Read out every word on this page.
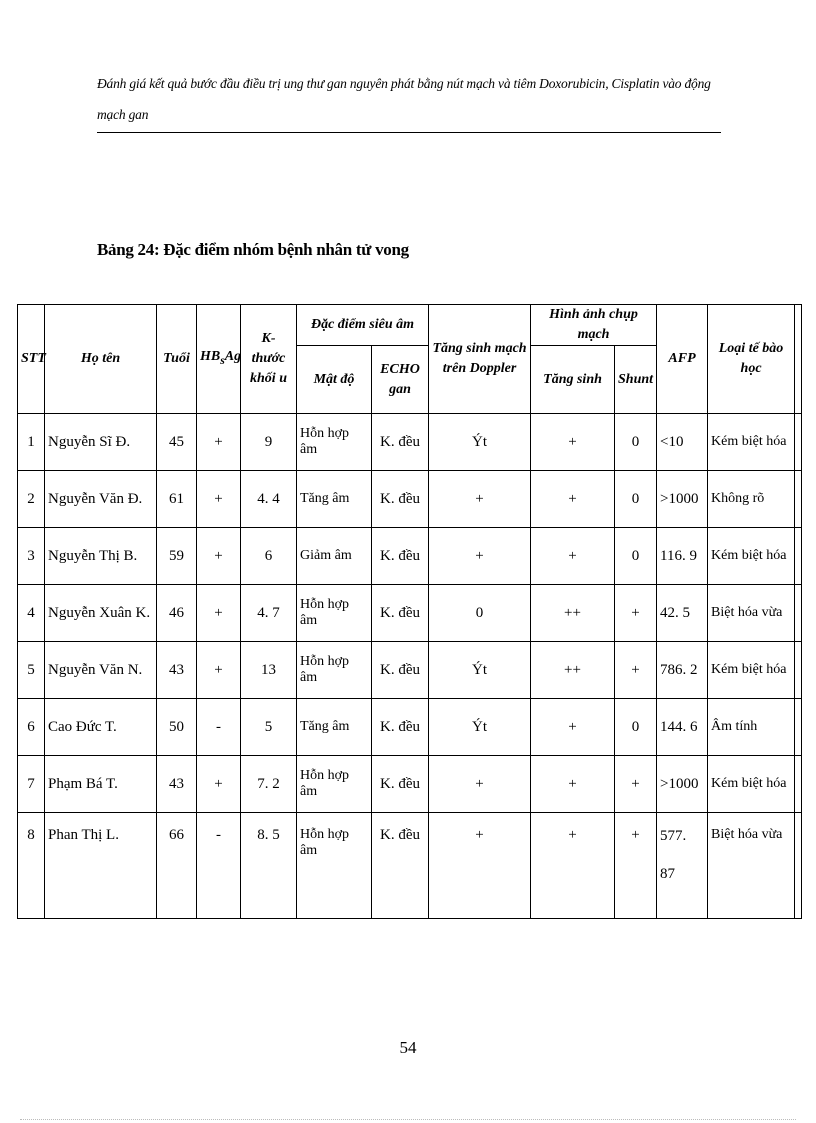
Đánh giá kết quả bước đầu điều trị ung thư gan nguyên phát bằng nút mạch và tiêm Doxorubicin, Cisplatin vào động mạch gan
Bảng 24: Đặc điểm nhóm bệnh nhân tử vong
STT	Họ tên	Tuổi	$HB_sAg$	K- thước khối u	Đặc điểm siêu âm		Tăng sinh mạch trên Doppler	Hình ảnh chụp mạch		AFP	Loại tế bào học	
					Mật độ	ECHO gan		Tăng sinh	Shunt			
1	Nguyễn Sĩ Đ.	45	+	9	Hỗn hợp âm	K. đều	Ýt	+	0	<10	Kém biệt hóa	
2	Nguyễn Văn Đ.	61	+	4. 4	Tăng âm	K. đều	+	+	0	>1000	Không rõ	
3	Nguyễn Thị B.	59	+	6	Giảm âm	K. đều	+	+	0	116. 9	Kém biệt hóa	
4	Nguyễn Xuân K.	46	+	4. 7	Hỗn hợp âm	K. đều	0	++	+	42. 5	Biệt hóa vừa	
5	Nguyễn Văn N.	43	+	13	Hỗn hợp âm	K. đều	Ýt	++	+	786. 2	Kém biệt hóa	
6	Cao Đức T.	50	-	5	Tăng âm	K. đều	Ýt	+	0	144. 6	Âm tính	
7	Phạm Bá T.	43	+	7. 2	Hỗn hợp âm	K. đều	+	+	+	>1000	Kém biệt hóa	
8	Phan Thị L.	66	-	8. 5	Hỗn hợp âm	K. đều	+	+	+	577. 87	Biệt hóa vừa	
54
